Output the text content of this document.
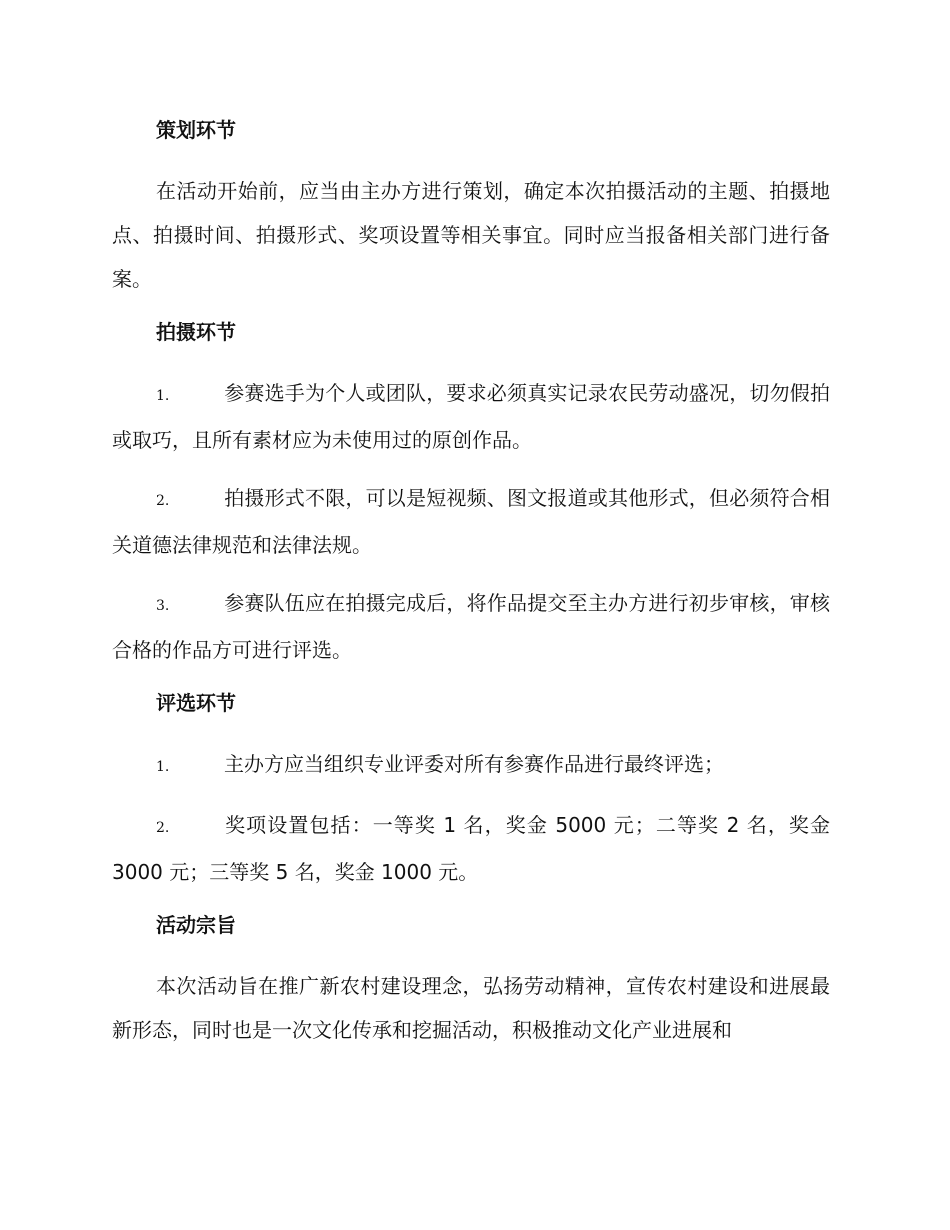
策划环节

在活动开始前，应当由主办方进行策划，确定本次拍摄活动的主题、拍摄地点、拍摄时间、拍摄形式、奖项设置等相关事宜。同时应当报备相关部门进行备案。

拍摄环节

1.	参赛选手为个人或团队，要求必须真实记录农民劳动盛况，切勿假拍或取巧，且所有素材应为未使用过的原创作品。

2.	拍摄形式不限，可以是短视频、图文报道或其他形式，但必须符合相关道德法律规范和法律法规。

3.	参赛队伍应在拍摄完成后，将作品提交至主办方进行初步审核，审核合格的作品方可进行评选。

评选环节

1.	主办方应当组织专业评委对所有参赛作品进行最终评选；

2.	奖项设置包括：一等奖 1 名，奖金 5000 元；二等奖 2 名，奖金 3000 元；三等奖 5 名，奖金 1000 元。

活动宗旨

本次活动旨在推广新农村建设理念，弘扬劳动精神，宣传农村建设和进展最新形态，同时也是一次文化传承和挖掘活动，积极推动文化产业进展和
